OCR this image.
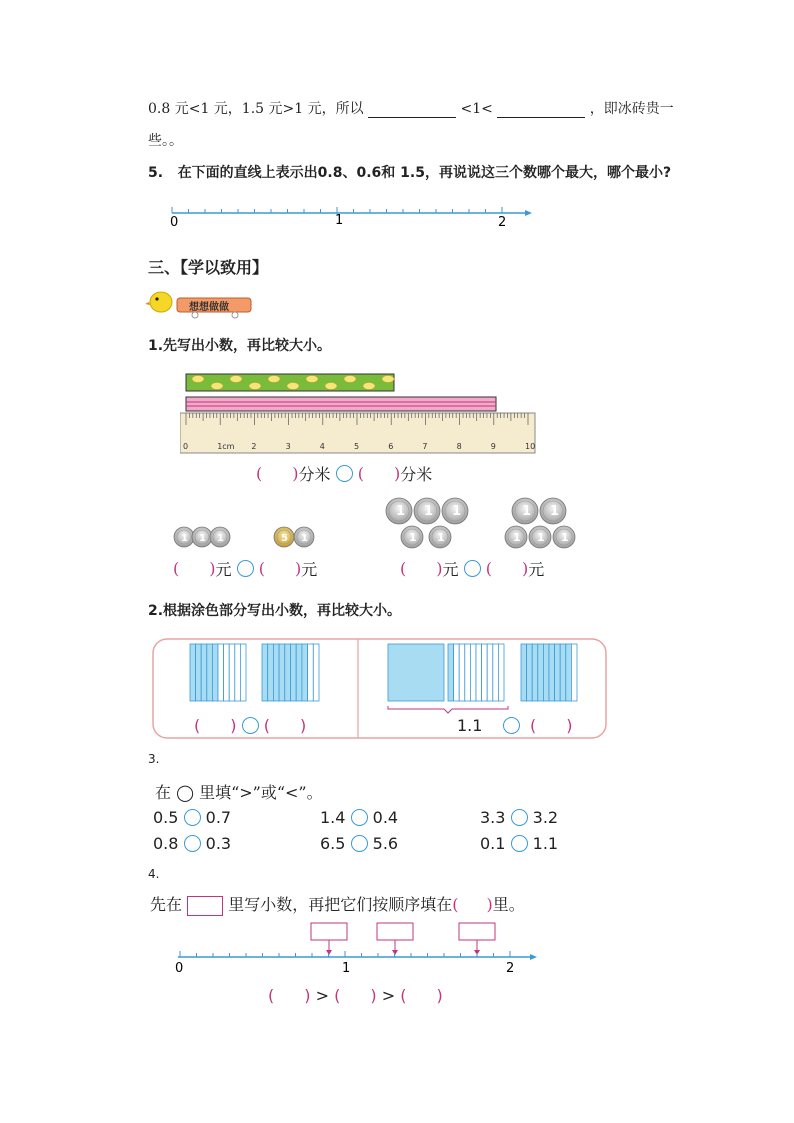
0.8 元<1 元，1.5 元>1 元，所以	<1<	，即冰砖贵一
些。。
5. 在下面的直线上表示出0.8、0.6和 1.5，再说说这三个数哪个最大，哪个最小?
0	1	2
三、【学以致用】
想想做做
1.先写出小数，再比较大小。
0	1cm 2	3	4	5	6	7	8	9	10
( )分米 ( )分米
1 1 1	5 1
1 1 1
1 1
1 1
1 1 1
( )元 ( )元	( )元 ( )元
2.根据涂色部分写出小数，再比较大小。
( ) ( )	1.1	( )
3.
在 ◯ 里填“>”或“<”。
0.5 0.7	1.4 0.4	3.3 3.2
0.8 0.3	6.5 5.6	0.1 1.1
4.
先在	里写小数，再把它们按顺序填在( )里。
0	1	2
( ) > ( ) > ( )
